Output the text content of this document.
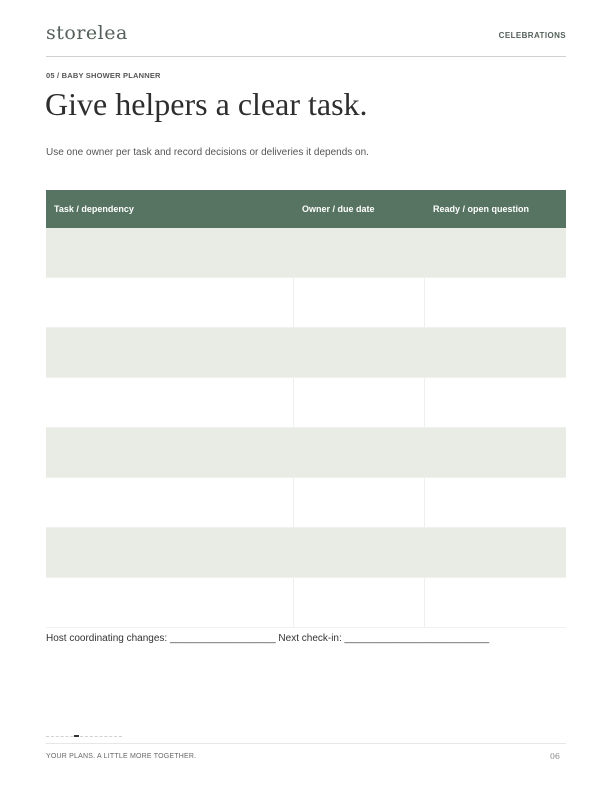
storelea	CELEBRATIONS
05 / BABY SHOWER PLANNER
Give helpers a clear task.
Use one owner per task and record decisions or deliveries it depends on.
Task / dependency	Owner / due date	Ready / open question
Host coordinating changes: ___________________ Next check-in: __________________________
YOUR PLANS. A LITTLE MORE TOGETHER.	06
